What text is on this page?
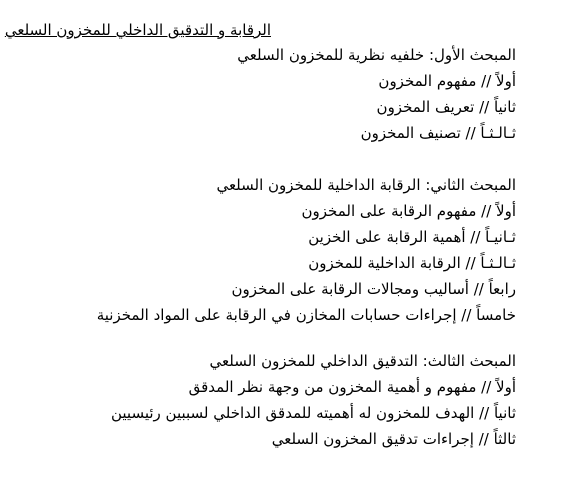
الرقابة و التدقيق الداخلي للمخزون السلعي
المبحث الأول: خلفيه نظرية للمخزون السلعي
أولاً // مفهوم المخزون
ثانياً // تعريف المخزون
ثـالـثـاً // تصنيف المخزون
المبحث الثاني: الرقابة الداخلية للمخزون السلعي
أولاً // مفهوم الرقابة على المخزون
ثـانيـاً // أهمية الرقابة على الخزين
ثـالـثـاً // الرقابة الداخلية للمخزون
رابعاً // أساليب ومجالات الرقابة على المخزون
خامساً // إجراءات حسابات المخازن في الرقابة على المواد المخزنية
المبحث الثالث: التدقيق الداخلي للمخزون السلعي
أولاً // مفهوم و أهمية المخزون من وجهة نظر المدقق
ثانياً // الهدف للمخزون له أهميته للمدقق الداخلي لسببين رئيسيين
ثالثاً // إجراءات تدقيق المخزون السلعي
